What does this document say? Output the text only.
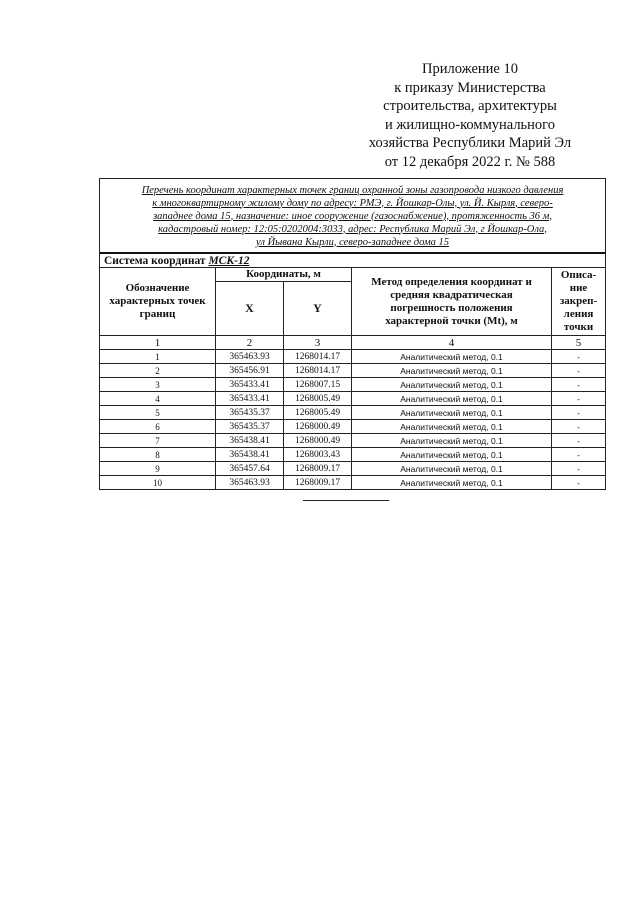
Приложение 10
к приказу Министерства
строительства, архитектуры
и жилищно-коммунального
хозяйства Республики Марий Эл
от 12 декабря 2022 г. № 588
Перечень координат характерных точек границ охранной зоны газопровода низкого давления
к многоквартирному жилому дому по адресу: РМЭ, г. Йошкар-Олы, ул. Й. Кырля, северо-
западнее дома 15, назначение: иное сооружение (газоснабжение), протяженность 36 м,
кадастровый номер: 12:05:0202004:3033, адрес: Республика Марий Эл, г Йошкар-Ола,
ул Йывана Кырли, северо-западнее дома 15				
Система координат МСК-12				
Обозначение характерных точек границ	Координаты, м		Метод определения координат и средняя квадратическая погрешность положения характерной точки (Mt), м	Описа-ние закреп-ления точки
	X	Y		
1	2	3	4	5
1	365463.93	1268014.17	Аналитический метод, 0.1	-
2	365456.91	1268014.17	Аналитический метод, 0.1	-
3	365433.41	1268007.15	Аналитический метод, 0.1	-
4	365433.41	1268005.49	Аналитический метод, 0.1	-
5	365435.37	1268005.49	Аналитический метод, 0.1	-
6	365435.37	1268000.49	Аналитический метод, 0.1	-
7	365438.41	1268000.49	Аналитический метод, 0.1	-
8	365438.41	1268003.43	Аналитический метод, 0.1	-
9	365457.64	1268009.17	Аналитический метод, 0.1	-
10	365463.93	1268009.17	Аналитический метод, 0.1	-
